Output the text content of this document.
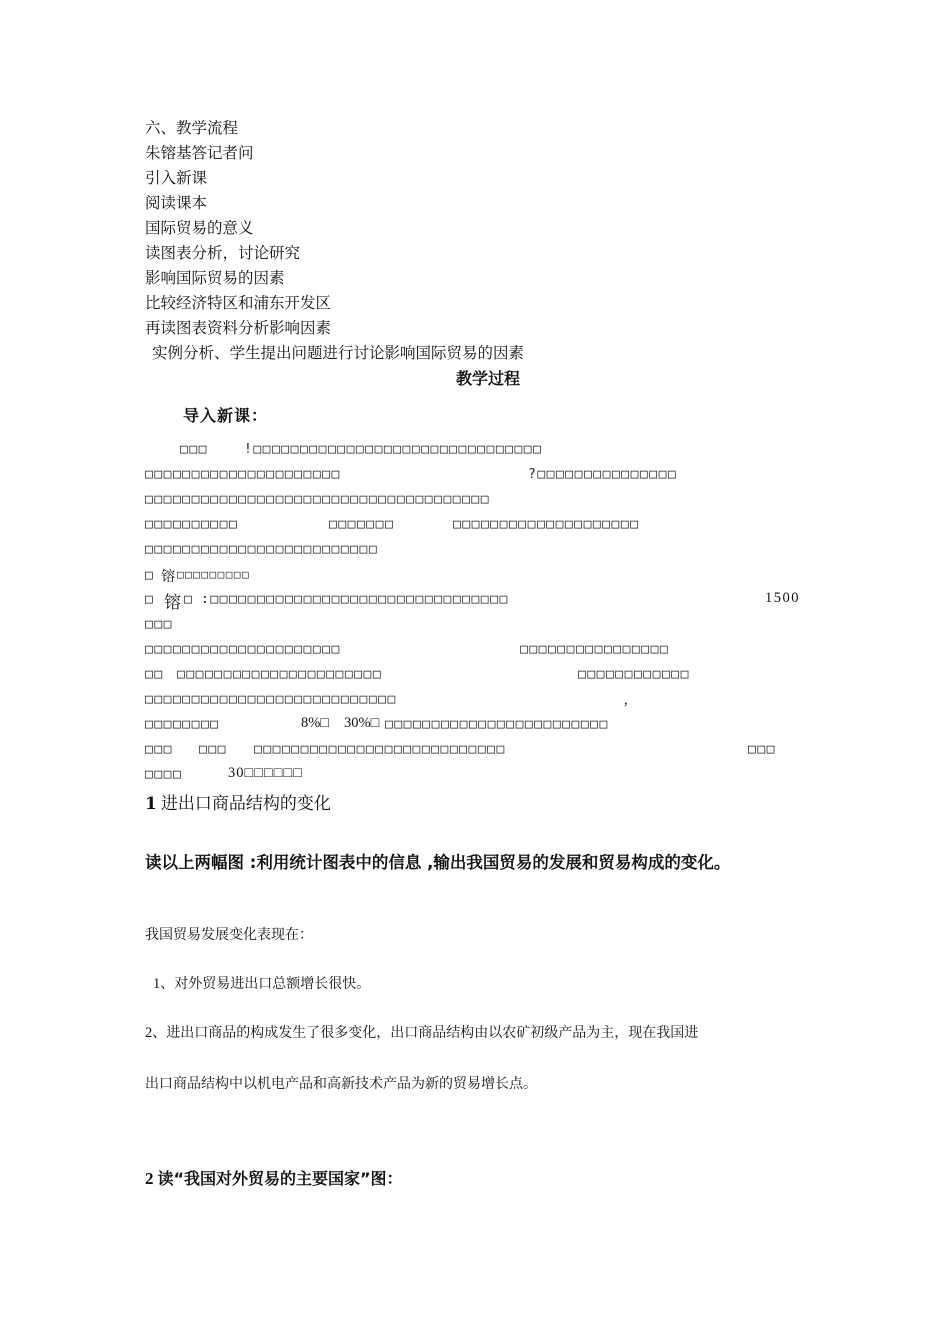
六、教学流程
朱镕基答记者问
引入新课
阅读课本
国际贸易的意义
读图表分析，讨论研究
影响国际贸易的因素
比较经济特区和浦东开发区
再读图表资料分析影响因素
实例分析、学生提出问题进行讨论影响国际贸易的因素
教学过程
导入新课：
□□□	!□□□□□□□□□□□□□□□□□□□□□□□□□□□□□□□
□□□□□□□□□□□□□□□□□□□□□	?□□□□□□□□□□□□□□□
□□□□□□□□□□□□□□□□□□□□□□□□□□□□□□□□□□□□□
□□□□□□□□□□	□□□□□□□	□□□□□□□□□□□□□□□□□□□□
□□□□□□□□□□□□□□□□□□□□□□□□□
□ 镕 □□□□□□□□□
□ 镕 □ :□□□□□□□□□□□□□□□□□□□□□□□□□□□□□□□□	1500
□□□
□□□□□□□□□□□□□□□□□□□□□	□□□□□□□□□□□□□□□□
□□ □□□□□□□□□□□□□□□□□□□□□□	□□□□□□□□□□□□
□□□□□□□□□□□□□□□□□□□□□□□□□□□	,
□□□□□□□□	8%□ 30%□ □□□□□□□□□□□□□□□□□□□□□□□□
□□□ □□□ □□□□□□□□□□□□□□□□□□□□□□□□□□□	□□□
□□□□	30□□□□□□
1 进出口商品结构的变化
读以上两幅图 :利用统计图表中的信息 ,输出我国贸易的发展和贸易构成的变化。
我国贸易发展变化表现在：
1、对外贸易进出口总额增长很快。
2、进出口商品的构成发生了很多变化，出口商品结构由以农矿初级产品为主，现在我国进
出口商品结构中以机电产品和高新技术产品为新的贸易增长点。
2 读“我国对外贸易的主要国家”图：
